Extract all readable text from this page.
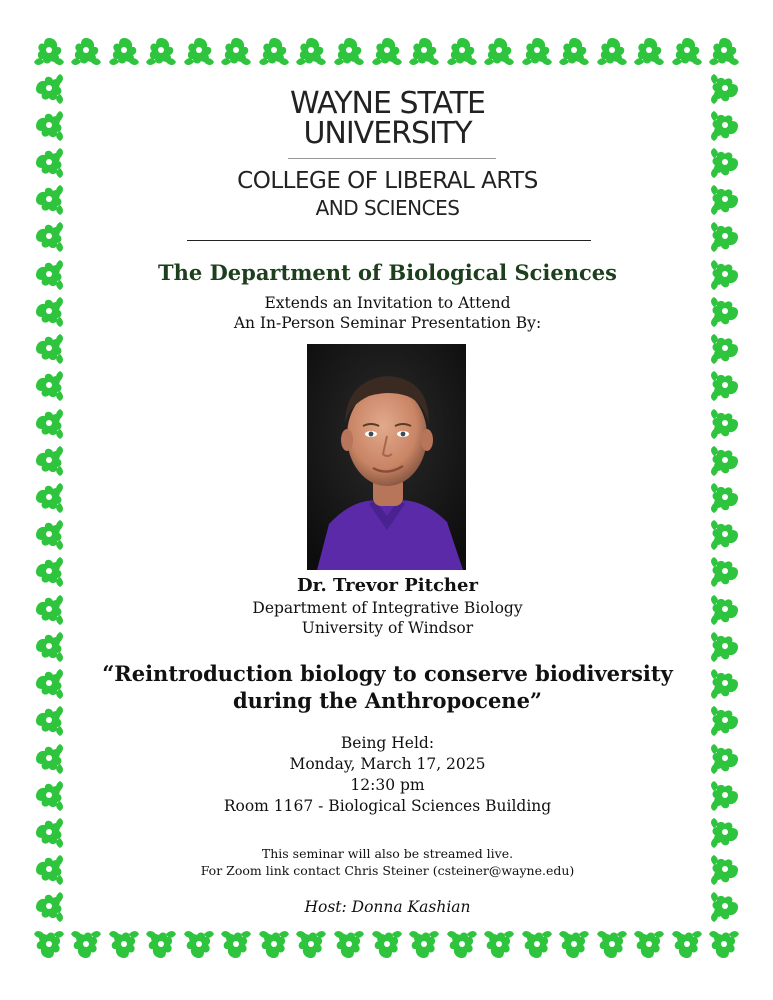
WAYNE STATE
UNIVERSITY
COLLEGE OF LIBERAL ARTS
AND SCIENCES
The Department of Biological Sciences
Extends an Invitation to Attend
An In-Person Seminar Presentation By:
Dr. Trevor Pitcher
Department of Integrative Biology
University of Windsor
“Reintroduction biology to conserve biodiversity
during the Anthropocene”
Being Held:
Monday, March 17, 2025
12:30 pm
Room 1167 - Biological Sciences Building
This seminar will also be streamed live.
For Zoom link contact Chris Steiner (csteiner@wayne.edu)
Host: Donna Kashian
